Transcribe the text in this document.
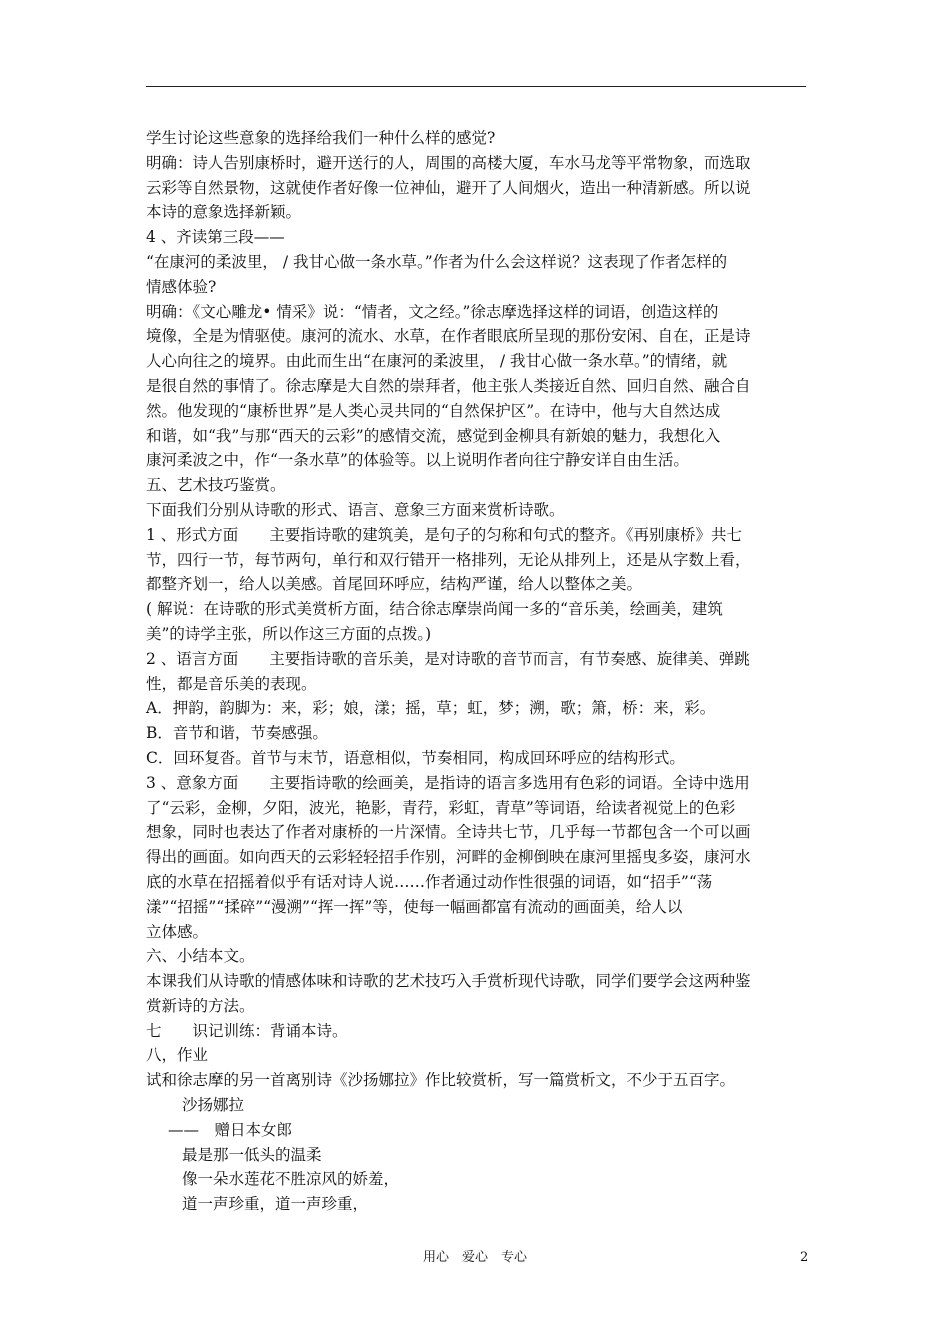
学生讨论这些意象的选择给我们一种什么样的感觉?

明确：诗人告别康桥时，避开送行的人，周围的高楼大厦，车水马龙等平常物象，而选取

云彩等自然景物，这就使作者好像一位神仙，避开了人间烟火，造出一种清新感。所以说

本诗的意象选择新颖。

4 、齐读第三段——

“在康河的柔波里， / 我甘心做一条水草。”作者为什么会这样说？这表现了作者怎样的

情感体验?

明确：《文心雕龙• 情采》说：“情者，文之经。”徐志摩选择这样的词语，创造这样的

境像，全是为情驱使。康河的流水、水草，在作者眼底所呈现的那份安闲、自在，正是诗

人心向往之的境界。由此而生出“在康河的柔波里， / 我甘心做一条水草。”的情绪，就

是很自然的事情了。徐志摩是大自然的崇拜者，他主张人类接近自然、回归自然、融合自

然。他发现的“康桥世界”是人类心灵共同的“自然保护区”。在诗中，他与大自然达成

和谐，如“我”与那“西天的云彩”的感情交流，感觉到金柳具有新娘的魅力，我想化入

康河柔波之中，作“一条水草”的体验等。以上说明作者向往宁静安详自由生活。

五、艺术技巧鉴赏。

下面我们分别从诗歌的形式、语言、意象三方面来赏析诗歌。

1 、形式方面　　主要指诗歌的建筑美，是句子的匀称和句式的整齐。《再别康桥》共七

节，四行一节，每节两句，单行和双行错开一格排列，无论从排列上，还是从字数上看，

都整齐划一，给人以美感。首尾回环呼应，结构严谨，给人以整体之美。

( 解说：在诗歌的形式美赏析方面，结合徐志摩崇尚闻一多的“音乐美，绘画美，建筑

美”的诗学主张，所以作这三方面的点拨。)

2 、语言方面　　主要指诗歌的音乐美，是对诗歌的音节而言，有节奏感、旋律美、弹跳

性，都是音乐美的表现。

A．押韵，韵脚为：来，彩；娘，漾；摇，草；虹，梦；溯，歌；箫，桥：来，彩。

B．音节和谐，节奏感强。

C．回环复沓。首节与末节，语意相似，节奏相同，构成回环呼应的结构形式。

3 、意象方面　　主要指诗歌的绘画美，是指诗的语言多选用有色彩的词语。全诗中选用

了“云彩，金柳，夕阳，波光，艳影，青荇，彩虹，青草”等词语，给读者视觉上的色彩

想象，同时也表达了作者对康桥的一片深情。全诗共七节，几乎每一节都包含一个可以画

得出的画面。如向西天的云彩轻轻招手作别，河畔的金柳倒映在康河里摇曳多姿，康河水

底的水草在招摇着似乎有话对诗人说……作者通过动作性很强的词语，如“招手”“荡

漾”“招摇”“揉碎”“漫溯”“挥一挥”等，使每一幅画都富有流动的画面美，给人以

立体感。

六、小结本文。

本课我们从诗歌的情感体味和诗歌的艺术技巧入手赏析现代诗歌，同学们要学会这两种鉴

赏新诗的方法。

七　　识记训练：背诵本诗。

八，作业

试和徐志摩的另一首离别诗《沙扬娜拉》作比较赏析，写一篇赏析文，不少于五百字。

沙扬娜拉

——　赠日本女郎

最是那一低头的温柔

像一朵水莲花不胜凉风的娇羞，

道一声珍重，道一声珍重，

用心　爱心　专心	2
